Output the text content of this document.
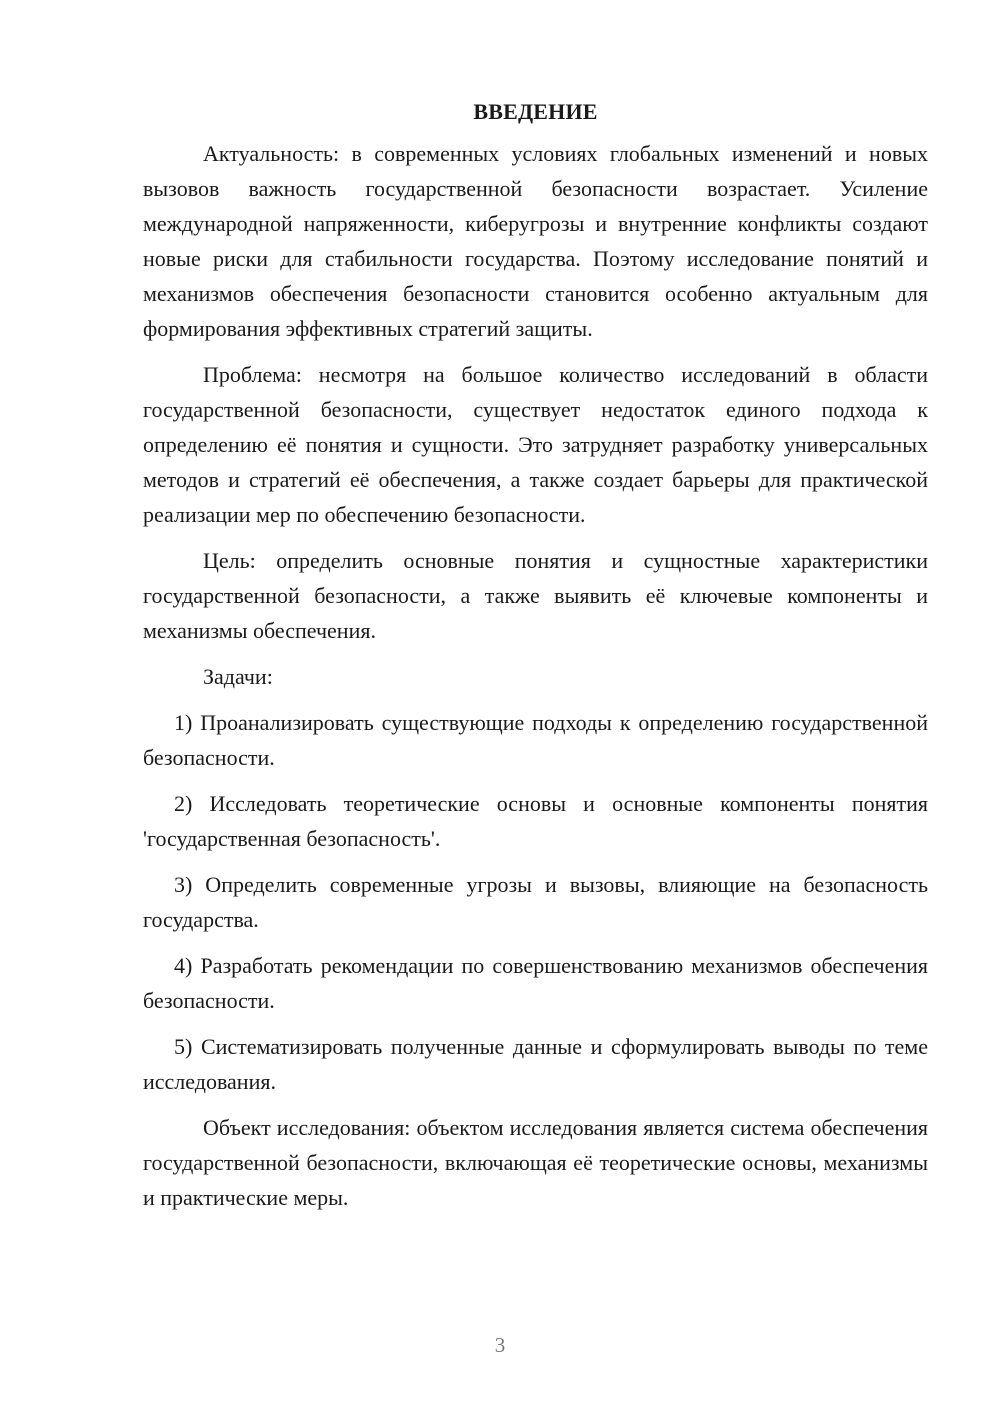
ВВЕДЕНИЕ

Актуальность: в современных условиях глобальных изменений и новых вызовов важность государственной безопасности возрастает. Усиление международной напряженности, киберугрозы и внутренние конфликты создают новые риски для стабильности государства. Поэтому исследование понятий и механизмов обеспечения безопасности становится особенно актуальным для формирования эффективных стратегий защиты.

Проблема: несмотря на большое количество исследований в области государственной безопасности, существует недостаток единого подхода к определению её понятия и сущности. Это затрудняет разработку универсальных методов и стратегий её обеспечения, а также создает барьеры для практической реализации мер по обеспечению безопасности.

Цель: определить основные понятия и сущностные характеристики государственной безопасности, а также выявить её ключевые компоненты и механизмы обеспечения.

Задачи:

1) Проанализировать существующие подходы к определению государственной безопасности.

2) Исследовать теоретические основы и основные компоненты понятия 'государственная безопасность'.

3) Определить современные угрозы и вызовы, влияющие на безопасность государства.

4) Разработать рекомендации по совершенствованию механизмов обеспечения безопасности.

5) Систематизировать полученные данные и сформулировать выводы по теме исследования.

Объект исследования: объектом исследования является система обеспечения государственной безопасности, включающая её теоретические основы, механизмы и практические меры.

3
